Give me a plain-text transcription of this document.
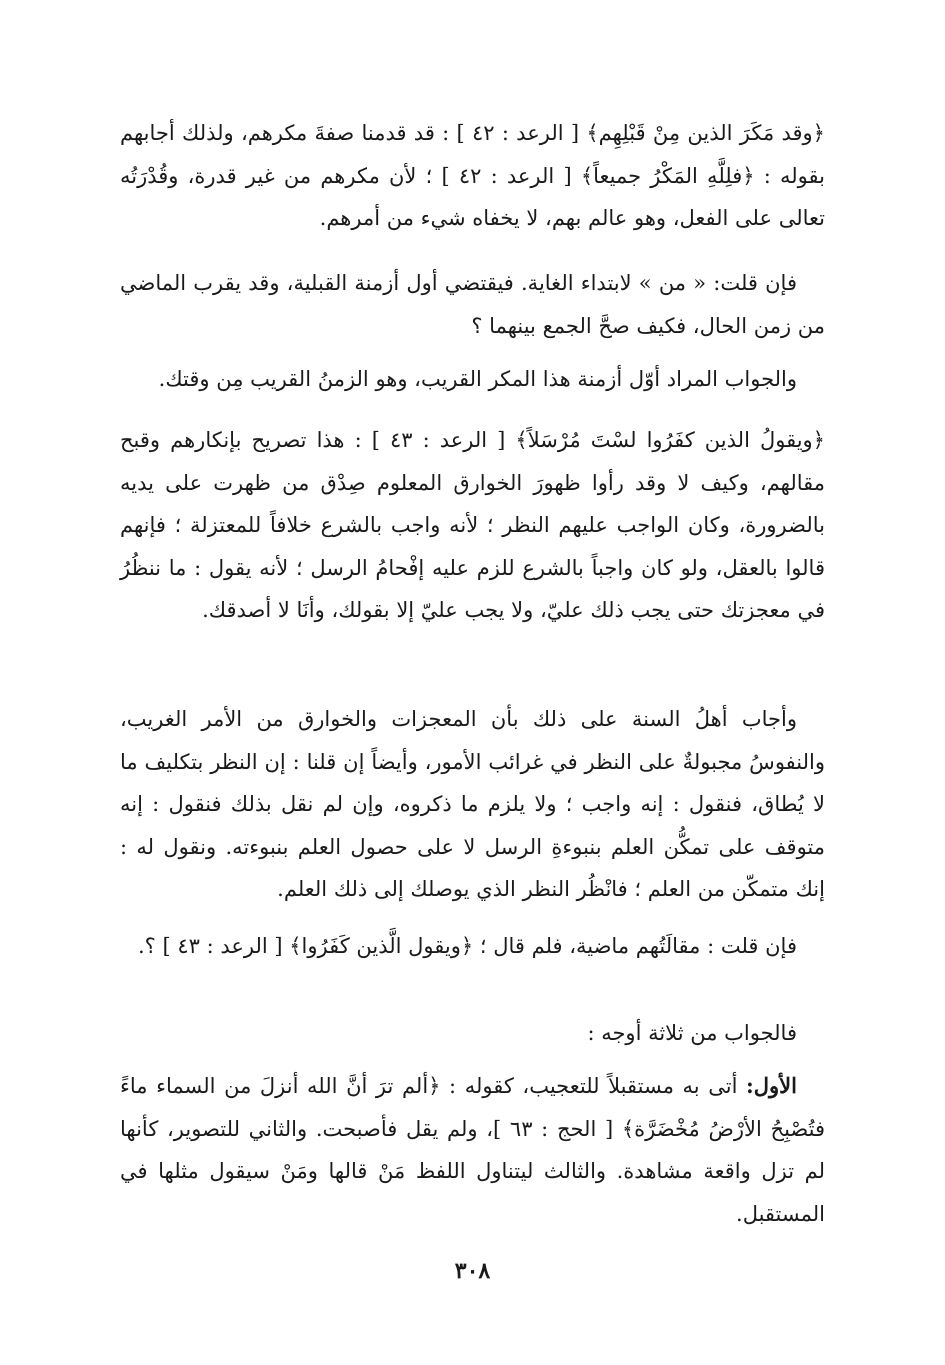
﴿وقد مَكَرَ الذين مِنْ قَبْلِهِم﴾ [ الرعد : ٤٢ ] : قد قدمنا صفةَ مكرهم، ولذلك أجابهم بقوله : ﴿فلِلَّهِ المَكْرُ جميعاً﴾ [ الرعد : ٤٢ ] ؛ لأن مكرهم من غير قدرة، وقُدْرَتُه تعالى على الفعل، وهو عالم بهم، لا يخفاه شيء من أمرهم.

فإن قلت: « من » لابتداء الغاية. فيقتضي أول أزمنة القبلية، وقد يقرب الماضي من زمن الحال، فكيف صحَّ الجمع بينهما ؟

والجواب المراد أوّل أزمنة هذا المكر القريب، وهو الزمنُ القريب مِن وقتك.

﴿ويقولُ الذين كفَرُوا لسْتَ مُرْسَلاً﴾ [ الرعد : ٤٣ ] : هذا تصريح بإنكارهم وقبح مقالهم، وكيف لا وقد رأوا ظهورَ الخوارق المعلوم صِدْق من ظهرت على يديه بالضرورة، وكان الواجب عليهم النظر ؛ لأنه واجب بالشرع خلافاً للمعتزلة ؛ فإنهم قالوا بالعقل، ولو كان واجباً بالشرع للزم عليه إفْحامُ الرسل ؛ لأنه يقول : ما ننظُرُ في معجزتك حتى يجب ذلك عليّ، ولا يجب عليّ إلا بقولك، وأنَا لا أصدقك.

وأجاب أهلُ السنة على ذلك بأن المعجزات والخوارق من الأمر الغريب، والنفوسُ مجبولةٌ على النظر في غرائب الأمور، وأيضاً إن قلنا : إن النظر بتكليف ما لا يُطاق، فنقول : إنه واجب ؛ ولا يلزم ما ذكروه، وإن لم نقل بذلك فنقول : إنه متوقف على تمكُّن العلم بنبوءةِ الرسل لا على حصول العلم بنبوءته. ونقول له : إنك متمكّن من العلم ؛ فانْظُر النظر الذي يوصلك إلى ذلك العلم.

فإن قلت : مقالَتُهم ماضية، فلم قال ؛ ﴿ويقول الَّذين كَفَرُوا﴾ [ الرعد : ٤٣ ] ؟.

فالجواب من ثلاثة أوجه :

الأول: أتى به مستقبلاً للتعجيب، كقوله : ﴿ألم ترَ أنَّ الله أنزلَ من السماء ماءً فتُصْبِحُ الأرْضُ مُخْضَرَّة﴾ [ الحج : ٦٣ ]، ولم يقل فأصبحت. والثاني للتصوير، كأنها لم تزل واقعة مشاهدة. والثالث ليتناول اللفظ مَنْ قالها ومَنْ سيقول مثلها في المستقبل.

٣٠٨
